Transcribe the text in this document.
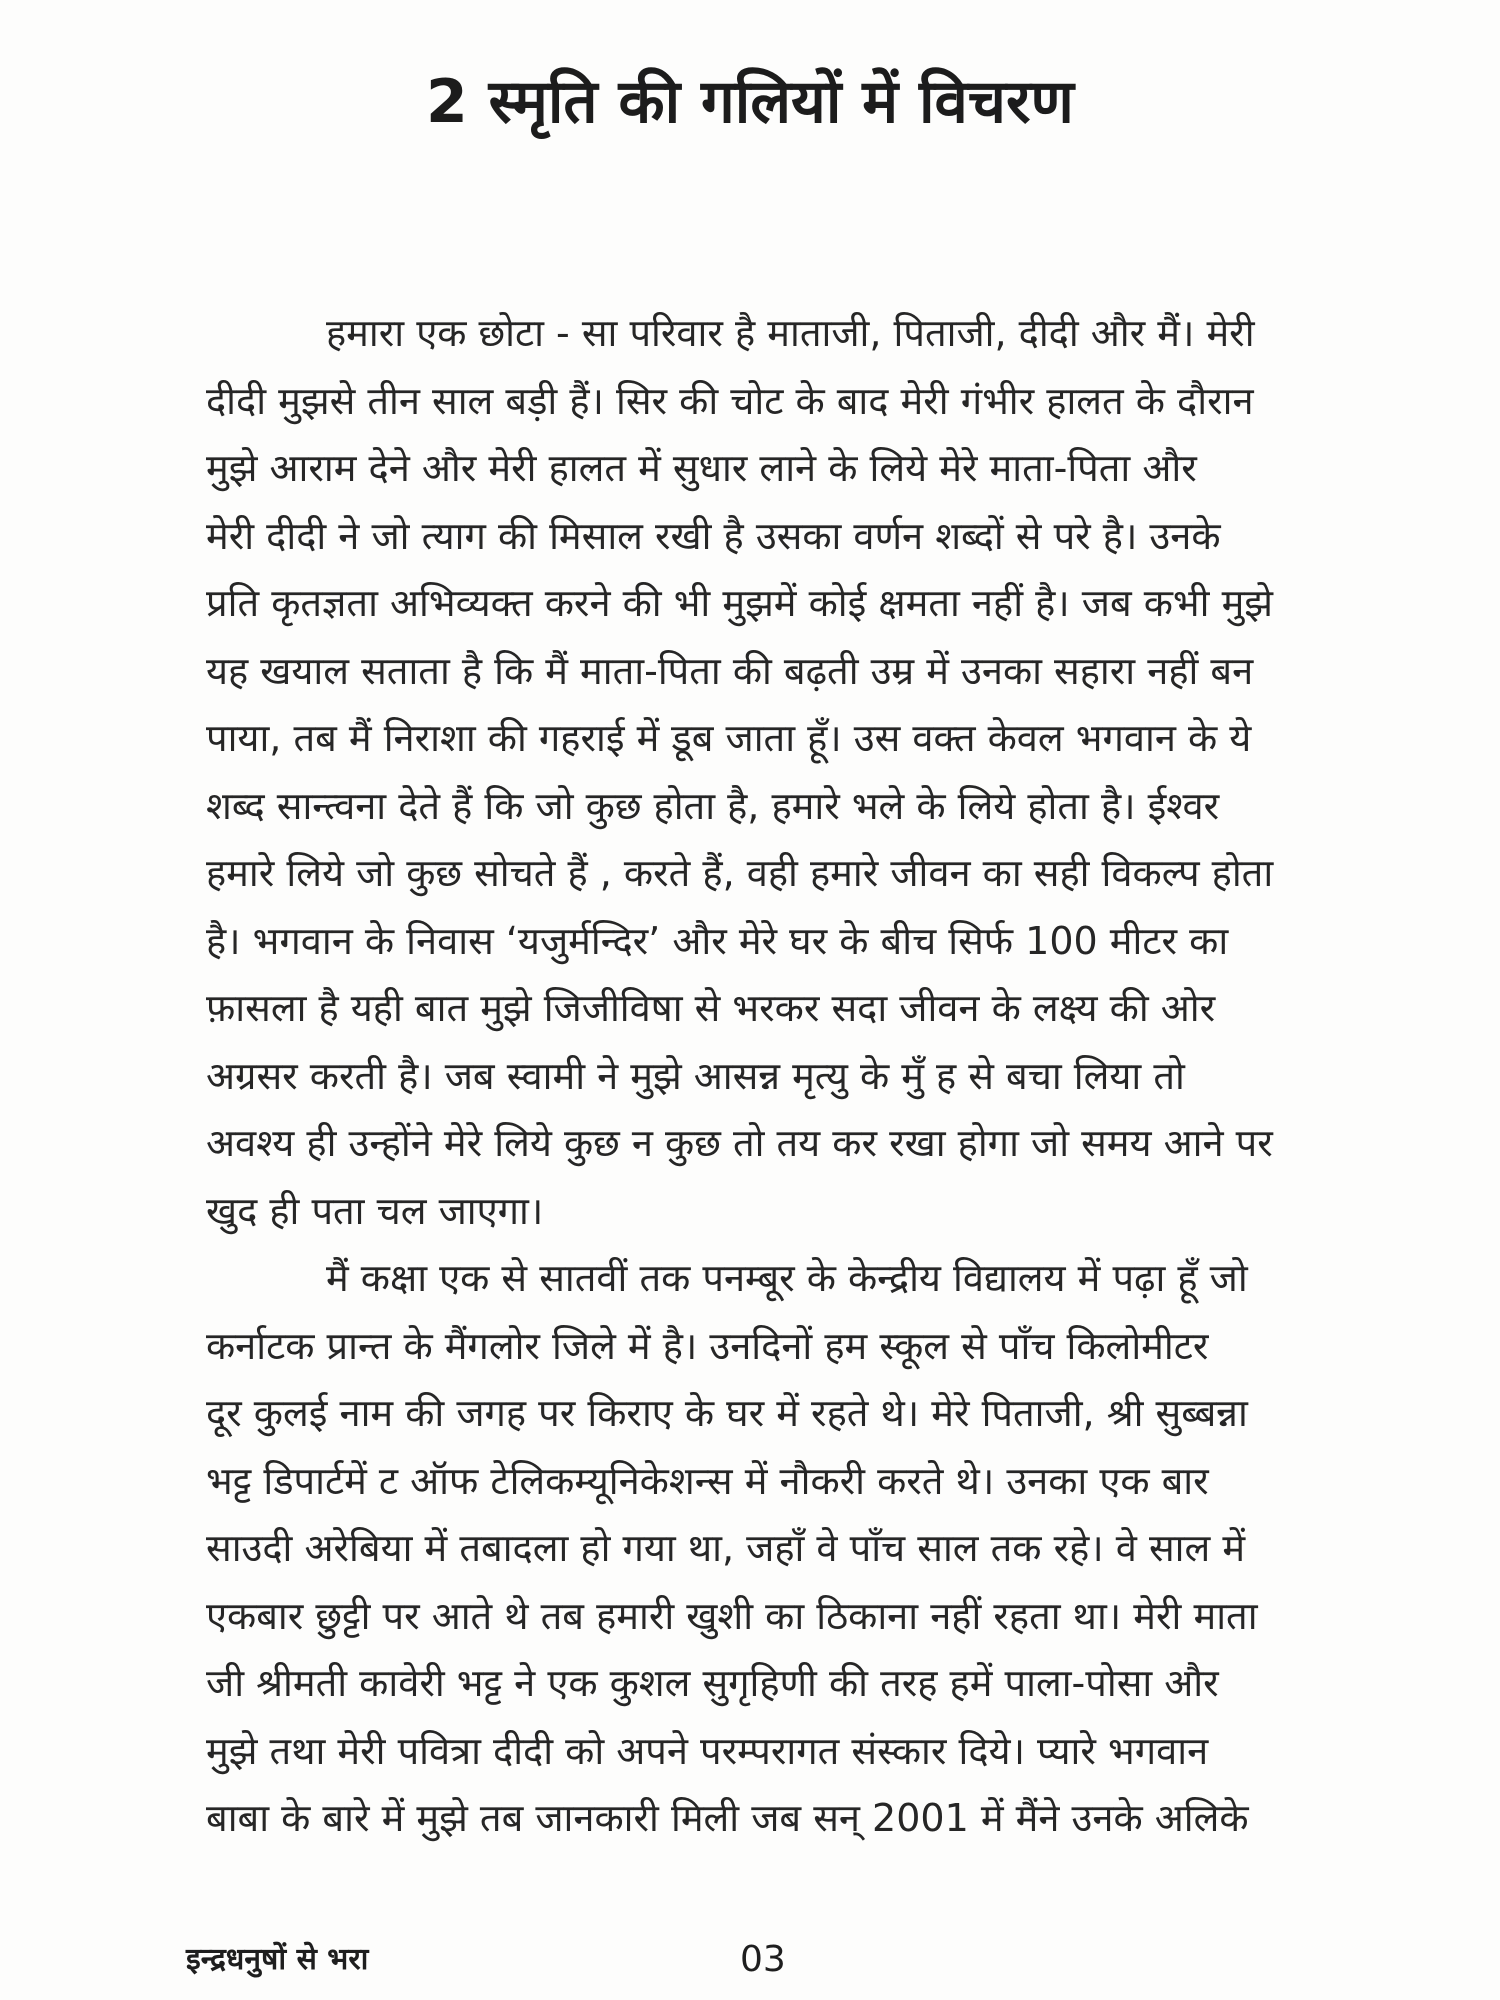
2 स्मृति की गलियों में विचरण
हमारा एक छोटा - सा परिवार है माताजी, पिताजी, दीदी और मैं। मेरी
दीदी मुझसे तीन साल बड़ी हैं। सिर की चोट के बाद मेरी गंभीर हालत के दौरान
मुझे आराम देने और मेरी हालत में सुधार लाने के लिये मेरे माता-पिता और
मेरी दीदी ने जो त्याग की मिसाल रखी है उसका वर्णन शब्दों से परे है। उनके
प्रति कृतज्ञता अभिव्यक्त करने की भी मुझमें कोई क्षमता नहीं है। जब कभी मुझे
यह खयाल सताता है कि मैं माता-पिता की बढ़ती उम्र में उनका सहारा नहीं बन
पाया, तब मैं निराशा की गहराई में डूब जाता हूँ। उस वक्त केवल भगवान के ये
शब्द सान्त्वना देते हैं कि जो कुछ होता है, हमारे भले के लिये होता है। ईश्वर
हमारे लिये जो कुछ सोचते हैं , करते हैं, वही हमारे जीवन का सही विकल्प होता
है। भगवान के निवास ‘यजुर्मन्दिर’ और मेरे घर के बीच सिर्फ 100 मीटर का
फ़ासला है यही बात मुझे जिजीविषा से भरकर सदा जीवन के लक्ष्य की ओर
अग्रसर करती है। जब स्वामी ने मुझे आसन्न मृत्यु के मुँ ह से बचा लिया तो
अवश्य ही उन्होंने मेरे लिये कुछ न कुछ तो तय कर रखा होगा जो समय आने पर
खुद ही पता चल जाएगा।
मैं कक्षा एक से सातवीं तक पनम्बूर के केन्द्रीय विद्यालय में पढ़ा हूँ जो
कर्नाटक प्रान्त के मैंगलोर जिले में है। उनदिनों हम स्कूल से पाँच किलोमीटर
दूर कुलई नाम की जगह पर किराए के घर में रहते थे। मेरे पिताजी, श्री सुब्बन्ना
भट्ट डिपार्टमें ट ऑफ टेलिकम्यूनिकेशन्स में नौकरी करते थे। उनका एक बार
साउदी अरेबिया में तबादला हो गया था, जहाँ वे पाँच साल तक रहे। वे साल में
एकबार छुट्टी पर आते थे तब हमारी खुशी का ठिकाना नहीं रहता था। मेरी माता
जी श्रीमती कावेरी भट्ट ने एक कुशल सुगृहिणी की तरह हमें पाला-पोसा और
मुझे तथा मेरी पवित्रा दीदी को अपने परम्परागत संस्कार दिये। प्यारे भगवान
बाबा के बारे में मुझे तब जानकारी मिली जब सन् 2001 में मैंने उनके अलिके
इन्द्रधनुषों से भरा	03
